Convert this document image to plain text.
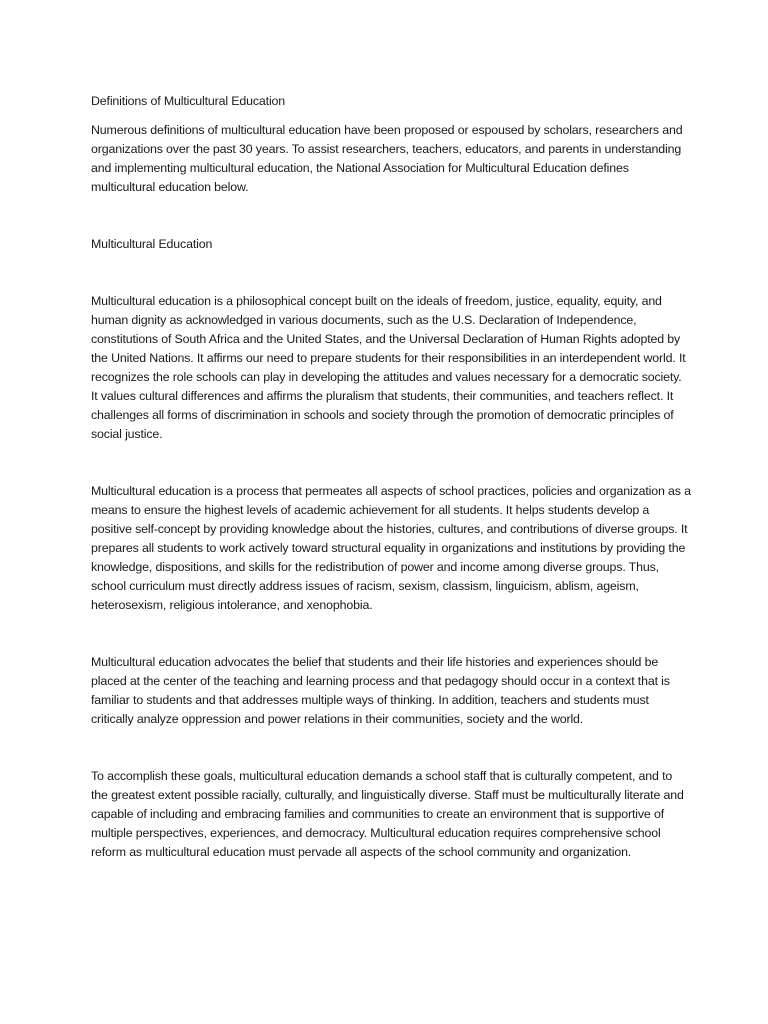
Definitions of Multicultural Education

Numerous definitions of multicultural education have been proposed or espoused by scholars, researchers and organizations over the past 30 years. To assist researchers, teachers, educators, and parents in understanding and implementing multicultural education, the National Association for Multicultural Education defines multicultural education below.

Multicultural Education

Multicultural education is a philosophical concept built on the ideals of freedom, justice, equality, equity, and human dignity as acknowledged in various documents, such as the U.S. Declaration of Independence, constitutions of South Africa and the United States, and the Universal Declaration of Human Rights adopted by the United Nations. It affirms our need to prepare students for their responsibilities in an interdependent world. It recognizes the role schools can play in developing the attitudes and values necessary for a democratic society. It values cultural differences and affirms the pluralism that students, their communities, and teachers reflect. It challenges all forms of discrimination in schools and society through the promotion of democratic principles of social justice.

Multicultural education is a process that permeates all aspects of school practices, policies and organization as a means to ensure the highest levels of academic achievement for all students. It helps students develop a positive self-concept by providing knowledge about the histories, cultures, and contributions of diverse groups. It prepares all students to work actively toward structural equality in organizations and institutions by providing the knowledge, dispositions, and skills for the redistribution of power and income among diverse groups. Thus, school curriculum must directly address issues of racism, sexism, classism, linguicism, ablism, ageism, heterosexism, religious intolerance, and xenophobia.

Multicultural education advocates the belief that students and their life histories and experiences should be placed at the center of the teaching and learning process and that pedagogy should occur in a context that is familiar to students and that addresses multiple ways of thinking. In addition, teachers and students must critically analyze oppression and power relations in their communities, society and the world.

To accomplish these goals, multicultural education demands a school staff that is culturally competent, and to the greatest extent possible racially, culturally, and linguistically diverse. Staff must be multiculturally literate and capable of including and embracing families and communities to create an environment that is supportive of multiple perspectives, experiences, and democracy. Multicultural education requires comprehensive school reform as multicultural education must pervade all aspects of the school community and organization.
